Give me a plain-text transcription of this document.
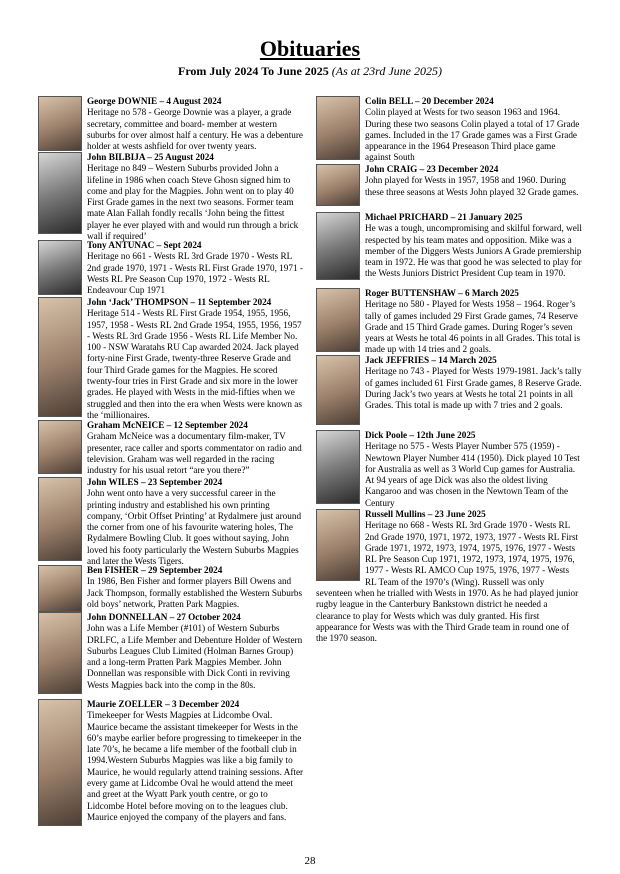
Obituaries
From July 2024 To June 2025 (As at 23rd June 2025)
George DOWNIE – 4 August 2024
Heritage no 578 - George Downie was a player, a grade secretary, committee and board- member at western suburbs for over almost half a century. He was a debenture holder at wests ashfield for over twenty years.
John BILBIJA – 25 August 2024
Heritage no 849 – Western Suburbs provided John a lifeline in 1986 when coach Steve Ghosn signed him to come and play for the Magpies. John went on to play 40 First Grade games in the next two seasons. Former team mate Alan Fallah fondly recalls ‘John being the fittest player he ever played with and would run through a brick wall if required’
Tony ANTUNAC – Sept 2024
Heritage no 661 - Wests RL 3rd Grade 1970 - Wests RL 2nd grade 1970, 1971 - Wests RL First Grade 1970, 1971 - Wests RL Pre Season Cup 1970, 1972 - Wests RL Endeavour Cup 1971
John ‘Jack’ THOMPSON – 11 September 2024
Heritage 514 - Wests RL First Grade 1954, 1955, 1956, 1957, 1958 - Wests RL 2nd Grade 1954, 1955, 1956, 1957 - Wests RL 3rd Grade 1956 - Wests RL Life Member No. 100 - NSW Waratahs RU Cap awarded 2024. Jack played forty-nine First Grade, twenty-three Reserve Grade and four Third Grade games for the Magpies. He scored twenty-four tries in First Grade and six more in the lower grades. He played with Wests in the mid-fifties when we struggled and then into the era when Wests were known as the ‘millionaires.
Graham McNEICE – 12 September 2024
Graham McNeice was a documentary film-maker, TV presenter, race caller and sports commentator on radio and television. Graham was well regarded in the racing industry for his usual retort “are you there?”
John WILES – 23 September 2024
John went onto have a very successful career in the printing industry and established his own printing company, ‘Orbit Offset Printing’ at Rydalmere just around the corner from one of his favourite watering holes, The Rydalmere Bowling Club. It goes without saying, John loved his footy particularly the Western Suburbs Magpies and later the Wests Tigers.
Ben FISHER – 29 September 2024
In 1986, Ben Fisher and former players Bill Owens and Jack Thompson, formally established the Western Suburbs old boys’ network, Pratten Park Magpies.
John DONNELLAN – 27 October 2024
John was a Life Member (#101) of Western Suburbs DRLFC, a Life Member and Debenture Holder of Western Suburbs Leagues Club Limited (Holman Barnes Group) and a long-term Pratten Park Magpies Member. John Donnellan was responsible with Dick Conti in reviving Wests Magpies back into the comp in the 80s.
Maurie ZOELLER – 3 December 2024
Timekeeper for Wests Magpies at Lidcombe Oval. Maurice became the assistant timekeeper for Wests in the 60’s maybe earlier before progressing to timekeeper in the late 70’s, he became a life member of the football club in 1994.Western Suburbs Magpies was like a big family to Maurice, he would regularly attend training sessions. After every game at Lidcombe Oval he would attend the meet and greet at the Wyatt Park youth centre, or go to Lidcombe Hotel before moving on to the leagues club. Maurice enjoyed the company of the players and fans.
Colin BELL – 20 December 2024
Colin played at Wests for two season 1963 and 1964. During these two seasons Colin played a total of 17 Grade games. Included in the 17 Grade games was a First Grade appearance in the 1964 Preseason Third place game against South
John CRAIG – 23 December 2024
John played for Wests in 1957, 1958 and 1960. During these three seasons at Wests John played 32 Grade games.
Michael PRICHARD – 21 January 2025
He was a tough, uncompromising and skilful forward, well respected by his team mates and opposition. Mike was a member of the Diggers Wests Juniors A Grade premiership team in 1972. He was that good he was selected to play for the Wests Juniors District President Cup team in 1970.
Roger BUTTENSHAW – 6 March 2025
Heritage no 580 - Played for Wests 1958 – 1964. Roger’s tally of games included 29 First Grade games, 74 Reserve Grade and 15 Third Grade games. During Roger’s seven years at Wests he total 46 points in all Grades. This total is made up with 14 tries and 2 goals.
Jack JEFFRIES – 14 March 2025
Heritage no 743 - Played for Wests 1979-1981. Jack’s tally of games included 61 First Grade games, 8 Reserve Grade. During Jack’s two years at Wests he total 21 points in all Grades. This total is made up with 7 tries and 2 goals.
Dick Poole – 12th June 2025
Heritage no 575 - Wests Player Number 575 (1959) - Newtown Player Number 414 (1950). Dick played 10 Test for Australia as well as 3 World Cup games for Australia. At 94 years of age Dick was also the oldest living Kangaroo and was chosen in the Newtown Team of the Century
Russell Mullins – 23 June 2025
Heritage no 668 - Wests RL 3rd Grade 1970 - Wests RL 2nd Grade 1970, 1971, 1972, 1973, 1977 - Wests RL First Grade 1971, 1972, 1973, 1974, 1975, 1976, 1977 - Wests RL Pre Season Cup 1971, 1972, 1973, 1974, 1975, 1976, 1977 - Wests RL AMCO Cup 1975, 1976, 1977 - Wests RL Team of the 1970’s (Wing). Russell was only seventeen when he trialled with Wests in 1970. As he had played junior rugby league in the Canterbury Bankstown district he needed a clearance to play for Wests which was duly granted. His first appearance for Wests was with the Third Grade team in round one of the 1970 season.
28
